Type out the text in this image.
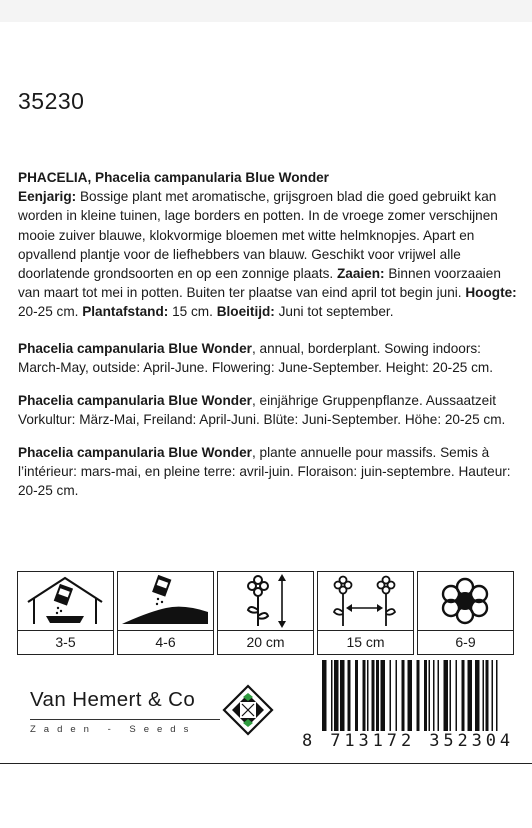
35230
PHACELIA, Phacelia campanularia Blue Wonder
Eenjarig: Bossige plant met aromatische, grijsgroen blad die goed gebruikt kan worden in kleine tuinen, lage borders en potten. In de vroege zomer verschijnen mooie zuiver blauwe, klokvormige bloemen met witte helmknopjes. Apart en opvallend plantje voor de liefhebbers van blauw. Geschikt voor vrijwel alle doorlatende grondsoorten en op een zonnige plaats. Zaaien: Binnen voorzaaien van maart tot mei in potten. Buiten ter plaatse van eind april tot begin juni. Hoogte: 20-25 cm. Plantafstand: 15 cm. Bloeitijd: Juni tot september.
Phacelia campanularia Blue Wonder, annual, borderplant. Sowing indoors: March-May, outside: April-June. Flowering: June-September. Height: 20-25 cm.
Phacelia campanularia Blue Wonder, einjährige Gruppenpflanze. Aussaatzeit Vorkultur: März-Mai, Freiland: April-Juni. Blüte: Juni-September. Höhe: 20-25 cm.
Phacelia campanularia Blue Wonder, plante annuelle pour massifs. Semis à l’intérieur: mars-mai, en pleine terre: avril-juin. Floraison: juin-septembre. Hauteur: 20-25 cm.
3-5	4-6	20 cm	15 cm	6-9
Van Hemert & Co
Zaden - Seeds
8 713172 352304
